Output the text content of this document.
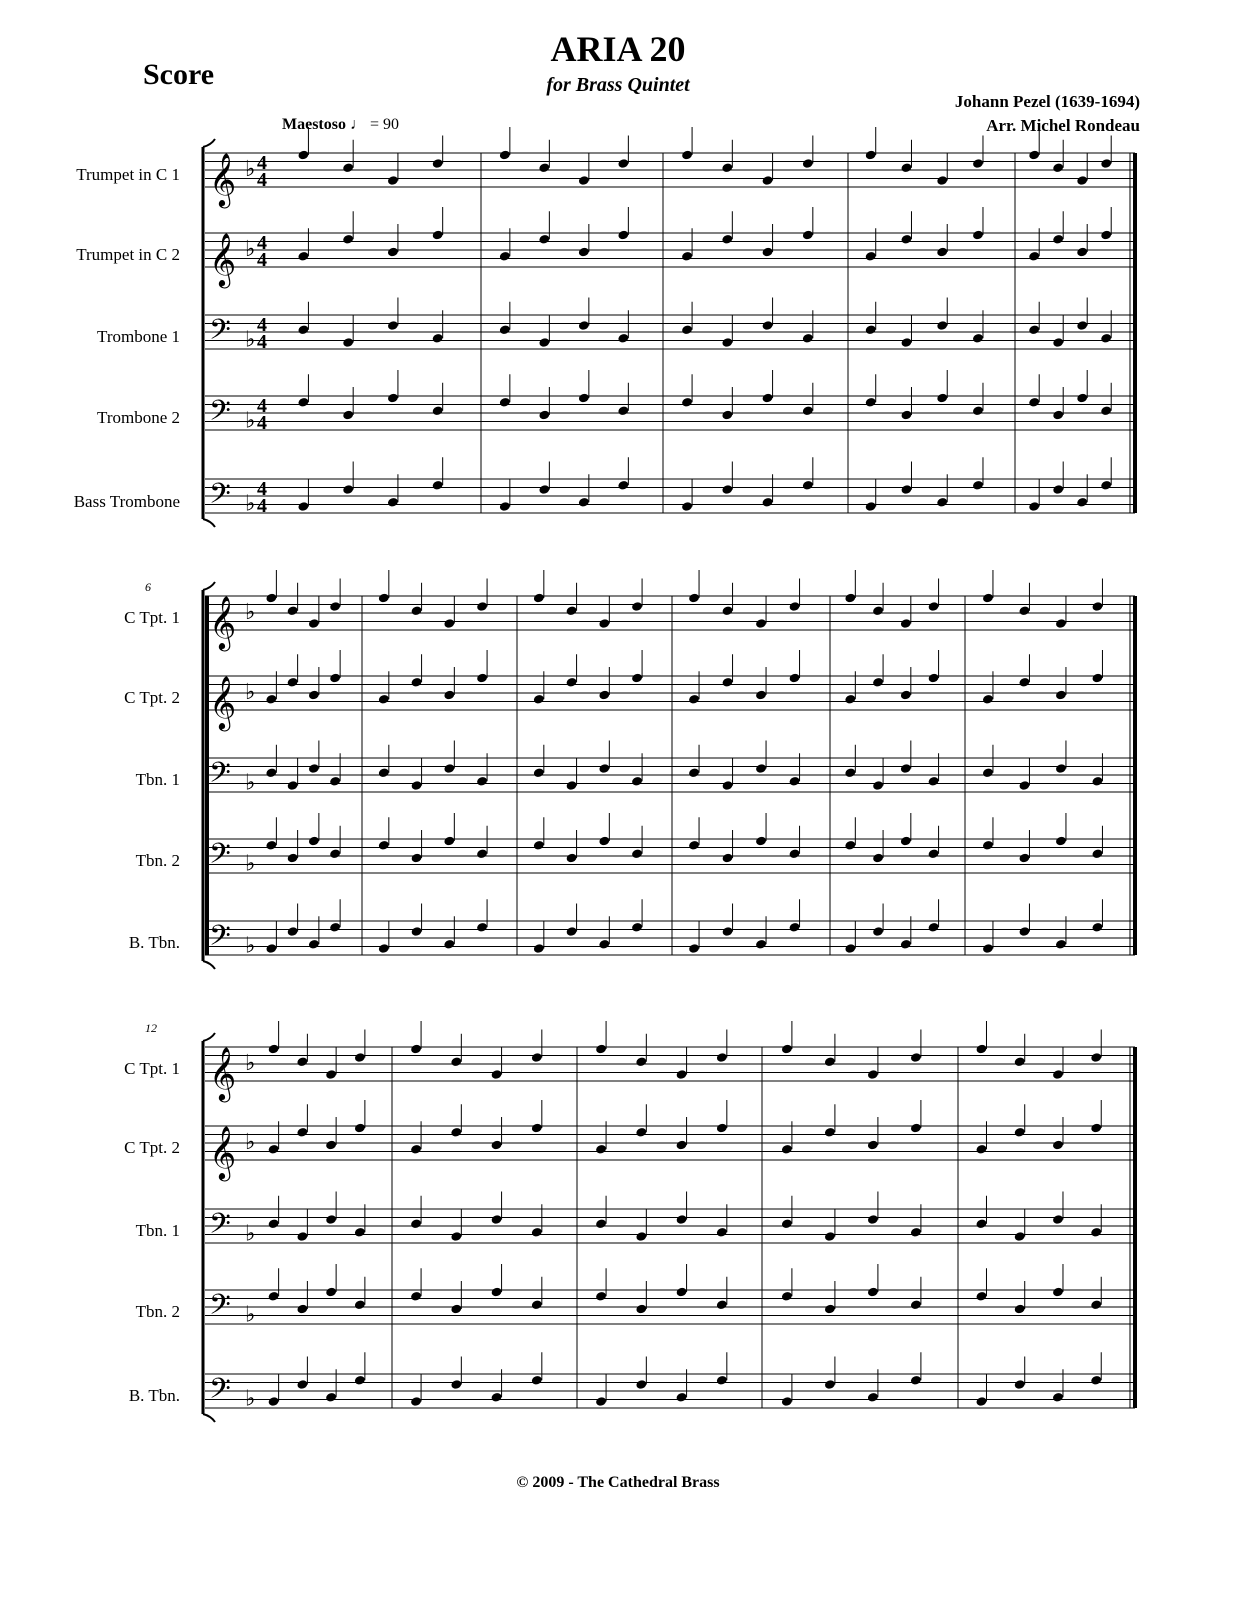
Score
ARIA 20
for Brass Quintet
Johann Pezel (1639-1694)
Arr. Michel Rondeau
Maestoso ♩ = 90
Trumpet in C 1
Trumpet in C 2
Trombone 1
Trombone 2
Bass Trombone
C Tpt. 1
C Tpt. 2
Tbn. 1
Tbn. 2
B. Tbn.
6
C Tpt. 1
C Tpt. 2
Tbn. 1
Tbn. 2
B. Tbn.
12
𝄞 ♭ 4
4
𝄞 ♭ 4
4
𝄢 ♭
4
4
𝄢 ♭
4
4
𝄢 ♭
4
4
𝄞 ♭
𝄞 ♭
𝄢 ♭
𝄢 ♭
𝄢 ♭
𝄞 ♭
𝄞 ♭
𝄢 ♭
𝄢 ♭
𝄢 ♭
© 2009 - The Cathedral Brass
